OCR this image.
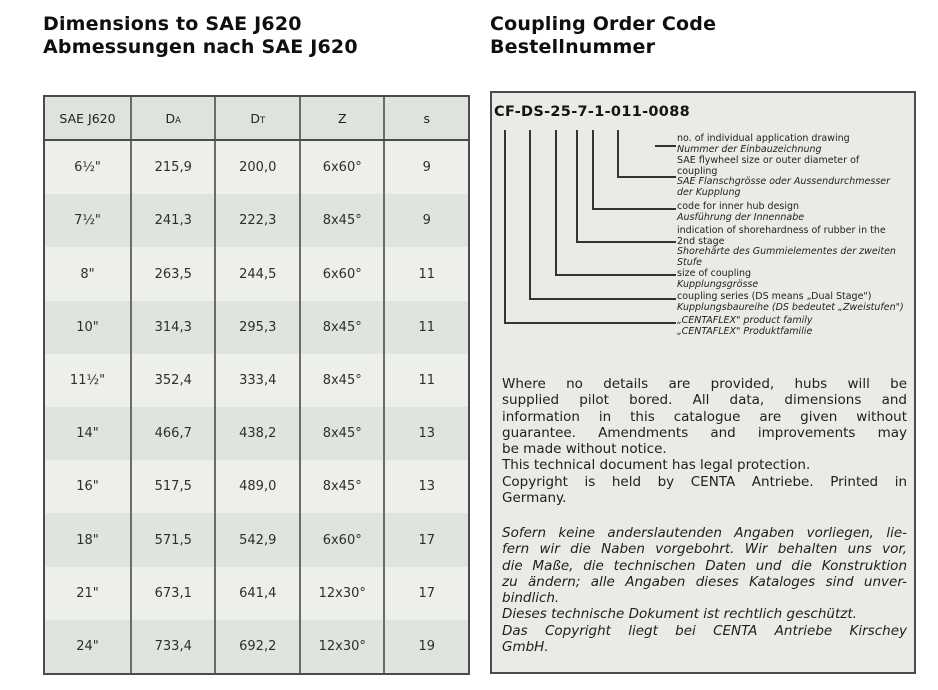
Dimensions to SAE J620
Abmessungen nach SAE J620
Coupling Order Code
Bestellnummer
SAE J620	$D_A$	$D_T$	Z	s
6½"	215,9	200,0	6x60°	9
7½"	241,3	222,3	8x45°	9
8"	263,5	244,5	6x60°	11
10"	314,3	295,3	8x45°	11
11½"	352,4	333,4	8x45°	11
14"	466,7	438,2	8x45°	13
16"	517,5	489,0	8x45°	13
18"	571,5	542,9	6x60°	17
21"	673,1	641,4	12x30°	17
24"	733,4	692,2	12x30°	19
CF-DS-25-7-1-011-0088
no. of individual application drawing
Nummer der Einbauzeichnung
SAE flywheel size or outer diameter of
coupling
SAE Flanschgrösse oder Aussendurchmesser
der Kupplung
code for inner hub design
Ausführung der Innennabe
indication of shorehardness of rubber in the
2nd stage
Shorehärte des Gummielementes der zweiten
Stufe
size of coupling
Kupplungsgrösse
coupling series (DS means „Dual Stage")
Kupplungsbaureihe (DS bedeutet „Zweistufen")
„CENTAFLEX" product family
„CENTAFLEX" Produktfamilie
Where no details are provided, hubs will be
supplied pilot bored. All data, dimensions and
information in this catalogue are given without
guarantee. Amendments and improvements may
be made without notice.
This technical document has legal protection.
Copyright is held by CENTA Antriebe. Printed in
Germany.
Sofern keine anderslautenden Angaben vorliegen, lie-
fern wir die Naben vorgebohrt. Wir behalten uns vor,
die Maße, die technischen Daten und die Konstruktion
zu ändern; alle Angaben dieses Kataloges sind unver-
bindlich.
Dieses technische Dokument ist rechtlich geschützt.
Das Copyright liegt bei CENTA Antriebe Kirschey
GmbH.
